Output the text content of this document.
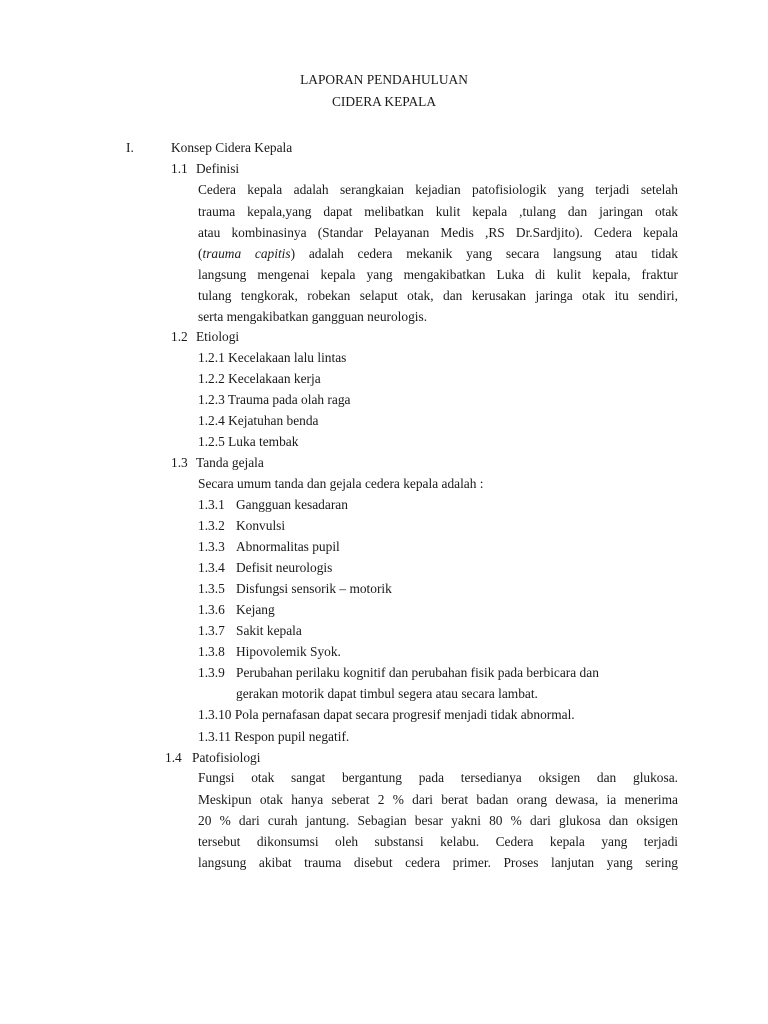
LAPORAN PENDAHULUAN
CIDERA KEPALA
I.	Konsep Cidera Kepala
1.1 Definisi
Cedera kepala adalah serangkaian kejadian patofisiologik yang terjadi setelah
trauma kepala,yang dapat melibatkan kulit kepala ,tulang dan jaringan otak
atau kombinasinya (Standar Pelayanan Medis ,RS Dr.Sardjito). Cedera kepala
(trauma capitis) adalah cedera mekanik yang secara langsung atau tidak
langsung mengenai kepala yang mengakibatkan Luka di kulit kepala, fraktur
tulang tengkorak, robekan selaput otak, dan kerusakan jaringa otak itu sendiri,
serta mengakibatkan gangguan neurologis.
1.2 Etiologi
1.2.1 Kecelakaan lalu lintas
1.2.2 Kecelakaan kerja
1.2.3 Trauma pada olah raga
1.2.4 Kejatuhan benda
1.2.5 Luka tembak
1.3 Tanda gejala
Secara umum tanda dan gejala cedera kepala adalah :
1.3.1 Gangguan kesadaran
1.3.2 Konvulsi
1.3.3 Abnormalitas pupil
1.3.4 Defisit neurologis
1.3.5 Disfungsi sensorik – motorik
1.3.6 Kejang
1.3.7 Sakit kepala
1.3.8 Hipovolemik Syok.
1.3.9 Perubahan perilaku kognitif dan perubahan fisik pada berbicara dan
gerakan motorik dapat timbul segera atau secara lambat.
1.3.10 Pola pernafasan dapat secara progresif menjadi tidak abnormal.
1.3.11 Respon pupil negatif.
1.4 Patofisiologi
Fungsi otak sangat bergantung pada tersedianya oksigen dan glukosa.
Meskipun otak hanya seberat 2 % dari berat badan orang dewasa, ia menerima
20 % dari curah jantung. Sebagian besar yakni 80 % dari glukosa dan oksigen
tersebut dikonsumsi oleh substansi kelabu. Cedera kepala yang terjadi
langsung akibat trauma disebut cedera primer. Proses lanjutan yang sering
